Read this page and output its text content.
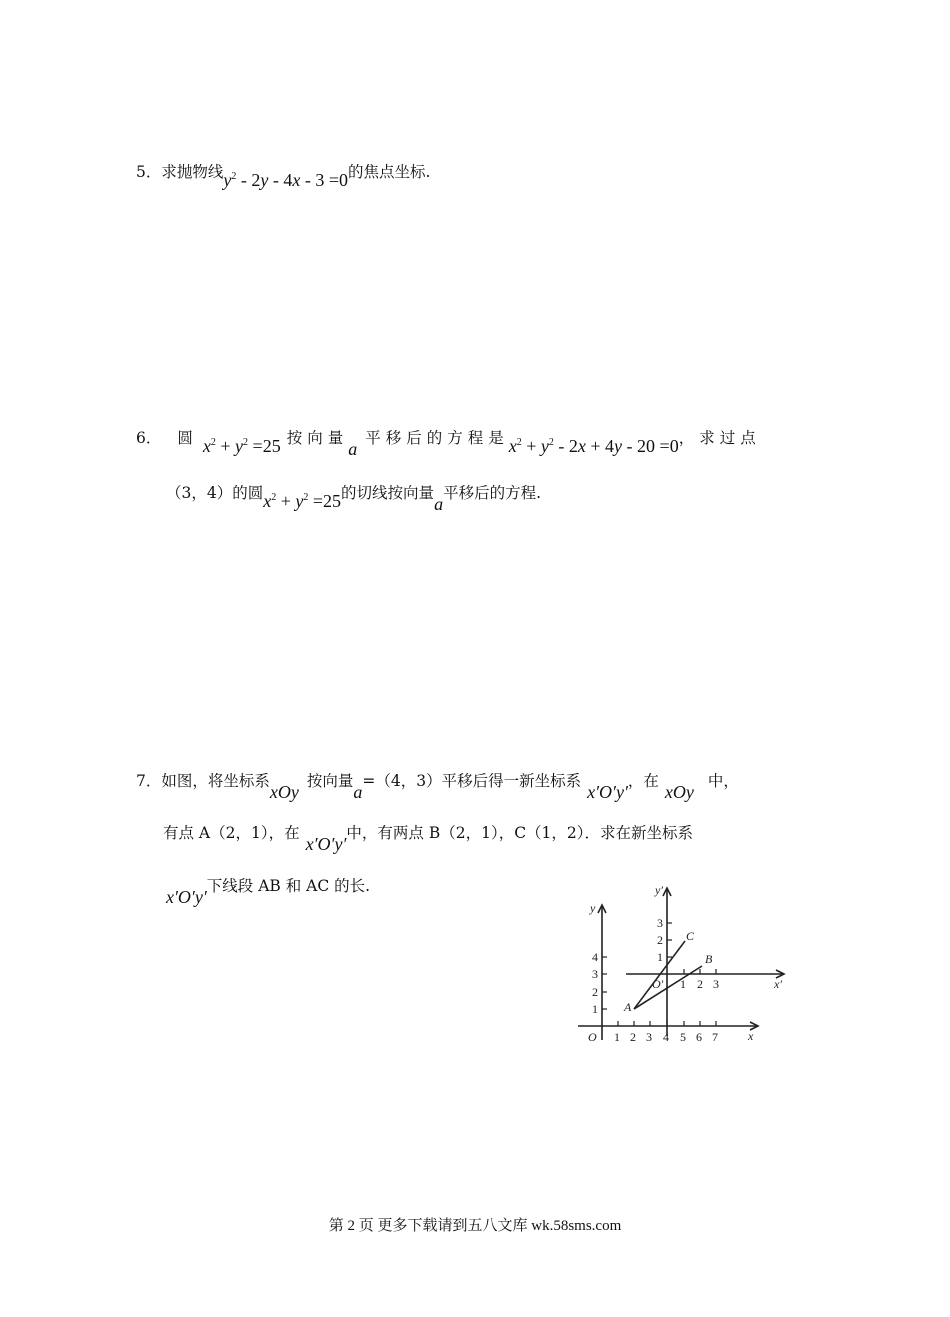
5．求抛物线$y^2 - 2y - 4x - 3 =0$的焦点坐标.
6． 圆 $x^2 + y^2 =25$ 按向量a平移后的方程是$x^2 + y^2 - 2x + 4y - 20 =0$，求过点
（3，4）的圆$x^2 + y^2 =25$的切线按向量a平移后的方程.
7．如图，将坐标系xOy按向量a=（4，3）平移后得一新坐标系x′O′y′，在xOy中，
有点 A（2，1），在x′O′y′中，有两点 B（2，1），C（1，2）．求在新坐标系
x′O′y′下线段 AB 和 AC 的长.
y
x
y′
x′
O
O′
1 2 3 4 5 6 7
1
2
3
4
1 2 3
1
2
3
A
B
C
第 2 页 更多下载请到五八文库 wk.58sms.com
